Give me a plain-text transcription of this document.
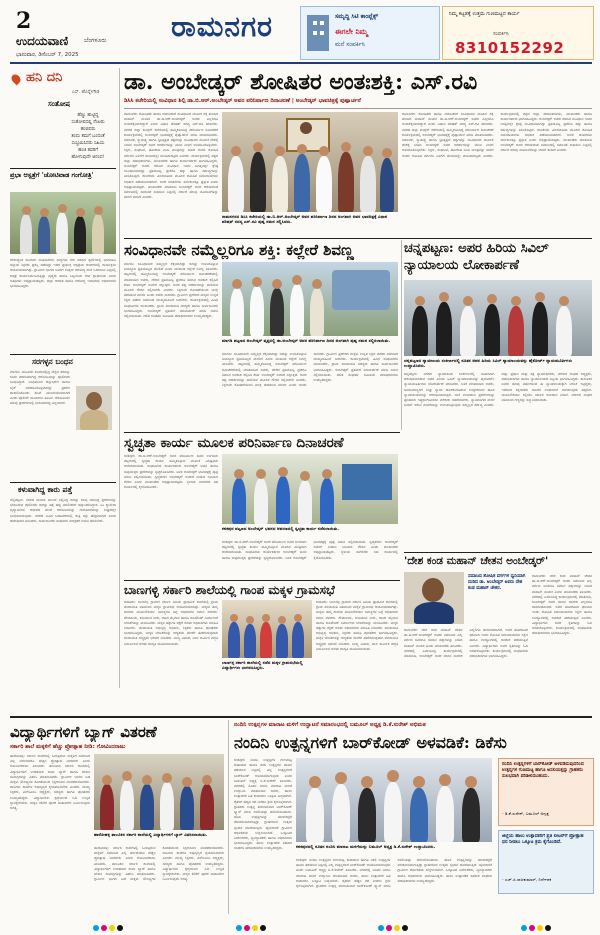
2
ಉದಯವಾಣಿ	ಬೆಂಗಳೂರು
ಭಾನುವಾರ, ಡಿಸೆಂಬರ್ 7, 2025
ರಾಮನಗರ	ಸಮೃದ್ಧಿ ಸಿಟಿ ಕಾಂಪ್ಲೆಕ್ಸ್
ಈಗಲೇ ನಿಮ್ಮ
ಮನೆ ಸಂಪರ್ಕಿಸಿ
ನಿಮ್ಮ ಕಟ್ಟಡಕ್ಕೆ ಉತ್ತಮ ಗುಣಮಟ್ಟದ ಕಾರ್ಯ
ಸಂಪರ್ಕಿಸಿ
8310152292
ಹನಿ ದನಿ
ಎಸ್. ಹೊನ್ನೇಗೌಡ
ಸಂತೋಷ
ಹೆಣ್ಣು ಹುಟ್ಟಿದ್ದ
ಸಂತೋಷದಲ್ಲಿ ನೆಂಟರು
ಹಂಚಿದರು
ತಂದು ತಮಗೆ ಬಂದಂತೆ
ಸಂಭ್ರಮಿಸಿದರು ಸಿಹಿಯ
ಹಂಚಿ ತವರಿಗೆ
ಹೋಗುವುದೇ ಆನಂದ!
ಪ್ರಭಾ ಆಸ್ಪತ್ರೆಗೆ 'ಚೋಟಿವಾಡ ಗಂಗೋತ್ರಿ'
ದೇಶಾದ್ಯಂತ ಸುಮಾರು ಸಂಘಟನೆಗಳು ಸಂಸ್ಥೆಗಳು ಸೇರಿ ನಡೆಸಿದ ಸ್ಪರ್ಧೆಯಲ್ಲಿ ಭಾಗವಹಿಸಿ ಜಿಲ್ಲೆಯ ಶಿಕ್ಷಕರು ಪ್ರಶಸ್ತಿ ಪಡೆದಿದ್ದು ಇದರ ಪ್ರಯುಕ್ತ ಆಸ್ಪತ್ರೆಯ ಆವರಣದಲ್ಲಿ ಕಾರ್ಯಕ್ರಮ ಆಯೋಜಿಸಲಾಗಿತ್ತು. ಗ್ರಾಮೀಣ ಭಾಗದ ಜನರಿಗೆ ಉತ್ತಮ ಆರೋಗ್ಯ ಸೇವೆ ಒದಗಿಸುವ ನಿಟ್ಟಿನಲ್ಲಿ ಆಸ್ಪತ್ರೆ ಕಾರ್ಯನಿರ್ವಹಿಸುತ್ತಿದ್ದು ವೈದ್ಯರು ಹಾಗೂ ಸಿಬ್ಬಂದಿಯ ಸೇವೆ ಶ್ಲಾಘನೀಯ ಎಂದು ಅತಿಥಿಗಳು ಅಭಿಪ್ರಾಯಪಟ್ಟರು. ಜಿಲ್ಲಾ ಆಡಳಿತ ಹಾಗೂ ಆರೋಗ್ಯ ಇಲಾಖೆಯ ಅಧಿಕಾರಿಗಳು ಭಾಗವಹಿಸಿದ್ದರು.
ಸರಗಳ್ಳನ ಬಂಧನ
ಮಾಗಡಿ: ಮಹಿಳೆಯ ಕೊರಳಿನಲ್ಲಿದ್ದ ಚಿನ್ನದ ಸರವನ್ನು ಕಸಿದು ಪರಾರಿಯಾಗಿದ್ದ ಆರೋಪಿಯನ್ನು ಪೊಲೀಸರು ಬಂಧಿಸಿದ್ದಾರೆ. ಬಂಧಿತನಿಂದ ಚಿನ್ನಾಭರಣ ಹಾಗೂ ಬೈಕ್ ವಶಪಡಿಸಿಕೊಳ್ಳಲಾಗಿದ್ದು ಪ್ರಕರಣ ದಾಖಲಿಸಿಕೊಂಡು ತನಿಖೆ ಮುಂದುವರಿಸಲಾಗಿದೆ ಎಂದು ಪೊಲೀಸ್ ಮೂಲಗಳು ತಿಳಿಸಿವೆ. ಆರೋಪಿಯು ಹಲವು ಪ್ರಕರಣಗಳಲ್ಲಿ ಭಾಗಿಯಾಗಿದ್ದ ಎನ್ನಲಾಗಿದೆ.
ಕಳುವಾಗಿದ್ದ ಕಾರು ಪತ್ತೆ
ಚನ್ನಪಟ್ಟಣ: ನಗರದ ಮನೆಯ ಮುಂದೆ ನಿಲ್ಲಿಸಿದ್ದ ಕಾರನ್ನು ಕಳವು ಮಾಡಿದ್ದ ಪ್ರಕರಣವನ್ನು ಭೇದಿಸಿರುವ ಪೊಲೀಸರು ಕಾರನ್ನು ಪತ್ತೆ ಹಚ್ಚಿ ಮಾಲೀಕರಿಗೆ ಹಸ್ತಾಂತರಿಸಿದ್ದಾರೆ. ಸಿಸಿ ಕ್ಯಾಮೆರಾ ದೃಶ್ಯಾವಳಿಗಳ ಆಧಾರದ ಮೇಲೆ ಆರೋಪಿಗಳನ್ನು ಗುರುತಿಸಲಾಗಿದ್ದು ಶೀಘ್ರದಲ್ಲೇ ಬಂಧಿಸಲಾಗುವುದು. ನಗರದ ವಿವಿಧ ಬಡಾವಣೆಗಳಲ್ಲಿ ರಾತ್ರಿ ಗಸ್ತು ಹೆಚ್ಚಿಸಲಾಗಿದೆ ಎಂದು ಠಾಣಾಧಿಕಾರಿ ತಿಳಿಸಿದರು. ಸಾರ್ವಜನಿಕರು ವಾಹನಗಳ ಸುರಕ್ಷತೆಗೆ ಗಮನ ಹರಿಸಬೇಕು.
ಡಾ. ಅಂಬೇಡ್ಕರ್ ಶೋಷಿತರ ಅಂತಃಶಕ್ತಿ: ಎಸ್.ರವಿ
ಡಿಸಿಸಿ ಕಚೇರಿಯಲ್ಲಿ ಸಂವಿಧಾನ ಶಿಲ್ಪಿ ಡಾ.ಬಿ.ಆರ್.ಅಂಬೇಡ್ಕರ್ ಅವರ ಪರಿನಿರ್ವಾಣ ದಿನಾಚರಣೆ | ಅಂಬೇಡ್ಕರ್ ಭಾವಚಿತ್ರಕ್ಕೆ ಪುಷ್ಪಾರ್ಚನೆ
ರಾಮನಗರ: ಶೋಷಿತರು ಹಾಗೂ ದಮನಿತರಿಗೆ ಸಂವಿಧಾನದ ಮೂಲಕ ಶಕ್ತಿ ತುಂಬಿದ ಮಹಾನ್ ನಾಯಕ ಡಾ.ಬಿ.ಆರ್.ಅಂಬೇಡ್ಕರ್ ಅವರು ಎಲ್ಲರಿಗೂ ಅಂತಃಶಕ್ತಿಯಾಗಿದ್ದಾರೆ ಎಂದು ವಿಧಾನ ಪರಿಷತ್ ಸದಸ್ಯ ಎಸ್.ರವಿ ಹೇಳಿದರು. ನಗರದ ಜಿಲ್ಲಾ ಕಾಂಗ್ರೆಸ್ ಕಚೇರಿಯಲ್ಲಿ ಹಮ್ಮಿಕೊಂಡಿದ್ದ ಪರಿನಿರ್ವಾಣ ದಿನಾಚರಣೆ ಕಾರ್ಯಕ್ರಮದಲ್ಲಿ ಅಂಬೇಡ್ಕರ್ ಭಾವಚಿತ್ರಕ್ಕೆ ಪುಷ್ಪಾರ್ಚನೆ ಮಾಡಿ ಮಾತನಾಡಿದರು. ಸಮಾನತೆ, ಸ್ವಾತಂತ್ರ್ಯ ಹಾಗೂ ಭ್ರಾತೃತ್ವದ ತತ್ವಗಳನ್ನು ಸಂವಿಧಾನದ ಮೂಲಕ ದೇಶಕ್ಕೆ ನೀಡಿದ ಅಂಬೇಡ್ಕರ್ ಅವರ ಆದರ್ಶಗಳನ್ನು ಯುವ ಪೀಳಿಗೆ ಅಳವಡಿಸಿಕೊಳ್ಳಬೇಕು. ಶಿಕ್ಷಣ, ಸಂಘಟನೆ, ಹೋರಾಟ ಎಂಬ ಮಂತ್ರವನ್ನು ಸಾರಿದ ಅವರು ಶೋಷಿತ ವರ್ಗಗಳ ಏಳಿಗೆಗೆ ಜೀವನವನ್ನೇ ಮುಡಿಪಾಗಿಟ್ಟರು ಎಂದರು. ಕಾರ್ಯಕ್ರಮದಲ್ಲಿ ಪಕ್ಷದ ಜಿಲ್ಲಾ ಪದಾಧಿಕಾರಿಗಳು, ಮುಖಂಡರು ಹಾಗೂ ಕಾರ್ಯಕರ್ತರು ಭಾಗವಹಿಸಿದ್ದರು. ಅಂಬೇಡ್ಕರ್ ಅವರು ರಚಿಸಿದ ಸಂವಿಧಾನ ಇಂದು ಜಗತ್ತಿನಲ್ಲೇ ಶ್ರೇಷ್ಠ ಸಂವಿಧಾನವಾಗಿದ್ದು ಪ್ರತಿಯೊಬ್ಬ ಪ್ರಜೆಗೂ ಹಕ್ಕು ಹಾಗೂ ಕರ್ತವ್ಯಗಳನ್ನು ತಿಳಿಸಿಕೊಟ್ಟಿದೆ. ರಾಜಕೀಯ ಮೀಸಲಾತಿಯ ಮೂಲಕ ಶೋಷಿತ ಸಮುದಾಯಗಳು ಅಧಿಕಾರ ಪಡೆಯುವಂತಾಗಿದೆ. ಅವರ ಚಿಂತನೆಗಳು ಸರ್ವಕಾಲಕ್ಕೂ ಪ್ರಸ್ತುತ ಎಂದು ಅಭಿಪ್ರಾಯಪಟ್ಟರು. ಮುಖಂಡರು ಮಾತನಾಡಿ ಅಂಬೇಡ್ಕರ್ ಅವರ ಆಶಯದಂತೆ ಸಮಾಜದಲ್ಲಿ ಸಮಾನತೆ ಸಾಧಿಸುವ ನಿಟ್ಟಿನಲ್ಲಿ ಸರ್ಕಾರ ಹಲವು ಯೋಜನೆಗಳನ್ನು ಜಾರಿಗೆ ತಂದಿದೆ ಎಂದರು.
ರಾಮನಗರದ ಡಿಸಿಸಿ ಕಚೇರಿಯಲ್ಲಿ ಡಾ.ಬಿ.ಆರ್.ಅಂಬೇಡ್ಕರ್ ಅವರ ಪರಿನಿರ್ವಾಣ ದಿನದ ಅಂಗವಾಗಿ ಅವರ ಭಾವಚಿತ್ರಕ್ಕೆ ವಿಧಾನ ಪರಿಷತ್ ಸದಸ್ಯ ಎಸ್.ರವಿ ಪುಷ್ಪ ನಮನ ಸಲ್ಲಿಸಿದರು.
ರಾಮನಗರ: ಶೋಷಿತರು ಹಾಗೂ ದಮನಿತರಿಗೆ ಸಂವಿಧಾನದ ಮೂಲಕ ಶಕ್ತಿ ತುಂಬಿದ ಮಹಾನ್ ನಾಯಕ ಡಾ.ಬಿ.ಆರ್.ಅಂಬೇಡ್ಕರ್ ಅವರು ಎಲ್ಲರಿಗೂ ಅಂತಃಶಕ್ತಿಯಾಗಿದ್ದಾರೆ ಎಂದು ವಿಧಾನ ಪರಿಷತ್ ಸದಸ್ಯ ಎಸ್.ರವಿ ಹೇಳಿದರು. ನಗರದ ಜಿಲ್ಲಾ ಕಾಂಗ್ರೆಸ್ ಕಚೇರಿಯಲ್ಲಿ ಹಮ್ಮಿಕೊಂಡಿದ್ದ ಪರಿನಿರ್ವಾಣ ದಿನಾಚರಣೆ ಕಾರ್ಯಕ್ರಮದಲ್ಲಿ ಅಂಬೇಡ್ಕರ್ ಭಾವಚಿತ್ರಕ್ಕೆ ಪುಷ್ಪಾರ್ಚನೆ ಮಾಡಿ ಮಾತನಾಡಿದರು. ಸಮಾನತೆ, ಸ್ವಾತಂತ್ರ್ಯ ಹಾಗೂ ಭ್ರಾತೃತ್ವದ ತತ್ವಗಳನ್ನು ಸಂವಿಧಾನದ ಮೂಲಕ ದೇಶಕ್ಕೆ ನೀಡಿದ ಅಂಬೇಡ್ಕರ್ ಅವರ ಆದರ್ಶಗಳನ್ನು ಯುವ ಪೀಳಿಗೆ ಅಳವಡಿಸಿಕೊಳ್ಳಬೇಕು. ಶಿಕ್ಷಣ, ಸಂಘಟನೆ, ಹೋರಾಟ ಎಂಬ ಮಂತ್ರವನ್ನು ಸಾರಿದ ಅವರು ಶೋಷಿತ ವರ್ಗಗಳ ಏಳಿಗೆಗೆ ಜೀವನವನ್ನೇ ಮುಡಿಪಾಗಿಟ್ಟರು ಎಂದರು. ಕಾರ್ಯಕ್ರಮದಲ್ಲಿ ಪಕ್ಷದ ಜಿಲ್ಲಾ ಪದಾಧಿಕಾರಿಗಳು, ಮುಖಂಡರು ಹಾಗೂ ಕಾರ್ಯಕರ್ತರು ಭಾಗವಹಿಸಿದ್ದರು. ಅಂಬೇಡ್ಕರ್ ಅವರು ರಚಿಸಿದ ಸಂವಿಧಾನ ಇಂದು ಜಗತ್ತಿನಲ್ಲೇ ಶ್ರೇಷ್ಠ ಸಂವಿಧಾನವಾಗಿದ್ದು ಪ್ರತಿಯೊಬ್ಬ ಪ್ರಜೆಗೂ ಹಕ್ಕು ಹಾಗೂ ಕರ್ತವ್ಯಗಳನ್ನು ತಿಳಿಸಿಕೊಟ್ಟಿದೆ. ರಾಜಕೀಯ ಮೀಸಲಾತಿಯ ಮೂಲಕ ಶೋಷಿತ ಸಮುದಾಯಗಳು ಅಧಿಕಾರ ಪಡೆಯುವಂತಾಗಿದೆ. ಅವರ ಚಿಂತನೆಗಳು ಸರ್ವಕಾಲಕ್ಕೂ ಪ್ರಸ್ತುತ ಎಂದು ಅಭಿಪ್ರಾಯಪಟ್ಟರು. ಮುಖಂಡರು ಮಾತನಾಡಿ ಅಂಬೇಡ್ಕರ್ ಅವರ ಆಶಯದಂತೆ ಸಮಾಜದಲ್ಲಿ ಸಮಾನತೆ ಸಾಧಿಸುವ ನಿಟ್ಟಿನಲ್ಲಿ ಸರ್ಕಾರ ಹಲವು ಯೋಜನೆಗಳನ್ನು ಜಾರಿಗೆ ತಂದಿದೆ ಎಂದರು.
ಸಂವಿಧಾನವೇ ನಮ್ಮೆಲ್ಲರಿಗೂ ಶಕ್ತಿ: ಕಲ್ಲೇರೆ ಶಿವಣ್ಣ
ಮಾಗಡಿ: ಸಂವಿಧಾನವೇ ನಮ್ಮೆಲ್ಲರ ಶಕ್ತಿಯಾಗಿದ್ದು ಅದನ್ನು ಉಳಿಸಿಕೊಳ್ಳುವ ಜವಾಬ್ದಾರಿ ಪ್ರತಿಯೊಬ್ಬರ ಮೇಲಿದೆ ಎಂದು ಮುಖಂಡ ಕಲ್ಲೇರೆ ಶಿವಣ್ಣ ತಿಳಿಸಿದರು. ಪಟ್ಟಣದಲ್ಲಿ ಹಮ್ಮಿಕೊಂಡಿದ್ದ ಅಂಬೇಡ್ಕರ್ ಪರಿನಿರ್ವಾಣ ದಿನಾಚರಣೆಯಲ್ಲಿ ಮಾತನಾಡಿದ ಅವರು, ದೇಶದ ಪ್ರತಿಯೊಬ್ಬ ಪ್ರಜೆಗೂ ಸಮಾನ ಅವಕಾಶ ಕಲ್ಪಿಸಿದ ಕೀರ್ತಿ ಅಂಬೇಡ್ಕರ್ ಅವರಿಗೆ ಸಲ್ಲುತ್ತದೆ. ಅವರ ತತ್ವ ಆದರ್ಶಗಳನ್ನು ಪಾಲಿಸುವ ಮೂಲಕ ಗೌರವ ಸಲ್ಲಿಸಬೇಕು ಎಂದರು. ಶಿಕ್ಷಣವೇ ಶೋಷಣೆಯಿಂದ ಮುಕ್ತಿ ಪಡೆಯುವ ಮಾರ್ಗ ಎಂದು ಅವರು ಸಾರಿದರು. ಗ್ರಾಮೀಣ ಪ್ರದೇಶದ ಮಕ್ಕಳು ಉನ್ನತ ಶಿಕ್ಷಣ ಪಡೆದು ಸಮಾಜದ ಮುಖ್ಯವಾಹಿನಿಗೆ ಬರಬೇಕು. ಕಾರ್ಯಕ್ರಮದಲ್ಲಿ ವಿವಿಧ ಸಂಘಟನೆಗಳ ಮುಖಂಡರು, ಗ್ರಾಮ ಪಂಚಾಯಿತಿ ಸದಸ್ಯರು ಹಾಗೂ ಸಾರ್ವಜನಿಕರು ಭಾಗವಹಿಸಿದ್ದರು. ಅಂಬೇಡ್ಕರ್ ಪ್ರತಿಮೆಗೆ ಮಾಲಾರ್ಪಣೆ ಮಾಡಿ ನಮನ ಸಲ್ಲಿಸಲಾಯಿತು. ದಲಿತ ಸಂಘರ್ಷ ಸಮಿತಿಯ ಪದಾಧಿಕಾರಿಗಳು ಉಪಸ್ಥಿತರಿದ್ದರು.
ಮಾಗಡಿ ಪಟ್ಟಣದ ಅಂಬೇಡ್ಕರ್ ವೃತ್ತದಲ್ಲಿ ಡಾ.ಅಂಬೇಡ್ಕರ್ ಅವರ ಪರಿನಿರ್ವಾಣ ದಿನದ ಅಂಗವಾಗಿ ಪುಷ್ಪ ನಮನ ಸಲ್ಲಿಸಲಾಯಿತು.
ಮಾಗಡಿ: ಸಂವಿಧಾನವೇ ನಮ್ಮೆಲ್ಲರ ಶಕ್ತಿಯಾಗಿದ್ದು ಅದನ್ನು ಉಳಿಸಿಕೊಳ್ಳುವ ಜವಾಬ್ದಾರಿ ಪ್ರತಿಯೊಬ್ಬರ ಮೇಲಿದೆ ಎಂದು ಮುಖಂಡ ಕಲ್ಲೇರೆ ಶಿವಣ್ಣ ತಿಳಿಸಿದರು. ಪಟ್ಟಣದಲ್ಲಿ ಹಮ್ಮಿಕೊಂಡಿದ್ದ ಅಂಬೇಡ್ಕರ್ ಪರಿನಿರ್ವಾಣ ದಿನಾಚರಣೆಯಲ್ಲಿ ಮಾತನಾಡಿದ ಅವರು, ದೇಶದ ಪ್ರತಿಯೊಬ್ಬ ಪ್ರಜೆಗೂ ಸಮಾನ ಅವಕಾಶ ಕಲ್ಪಿಸಿದ ಕೀರ್ತಿ ಅಂಬೇಡ್ಕರ್ ಅವರಿಗೆ ಸಲ್ಲುತ್ತದೆ. ಅವರ ತತ್ವ ಆದರ್ಶಗಳನ್ನು ಪಾಲಿಸುವ ಮೂಲಕ ಗೌರವ ಸಲ್ಲಿಸಬೇಕು ಎಂದರು. ಶಿಕ್ಷಣವೇ ಶೋಷಣೆಯಿಂದ ಮುಕ್ತಿ ಪಡೆಯುವ ಮಾರ್ಗ ಎಂದು ಅವರು ಸಾರಿದರು. ಗ್ರಾಮೀಣ ಪ್ರದೇಶದ ಮಕ್ಕಳು ಉನ್ನತ ಶಿಕ್ಷಣ ಪಡೆದು ಸಮಾಜದ ಮುಖ್ಯವಾಹಿನಿಗೆ ಬರಬೇಕು. ಕಾರ್ಯಕ್ರಮದಲ್ಲಿ ವಿವಿಧ ಸಂಘಟನೆಗಳ ಮುಖಂಡರು, ಗ್ರಾಮ ಪಂಚಾಯಿತಿ ಸದಸ್ಯರು ಹಾಗೂ ಸಾರ್ವಜನಿಕರು ಭಾಗವಹಿಸಿದ್ದರು. ಅಂಬೇಡ್ಕರ್ ಪ್ರತಿಮೆಗೆ ಮಾಲಾರ್ಪಣೆ ಮಾಡಿ ನಮನ ಸಲ್ಲಿಸಲಾಯಿತು. ದಲಿತ ಸಂಘರ್ಷ ಸಮಿತಿಯ ಪದಾಧಿಕಾರಿಗಳು ಉಪಸ್ಥಿತರಿದ್ದರು.
ಚನ್ನಪಟ್ಟಣ: ಅಪರ ಹಿರಿಯ ಸಿವಿಲ್ ನ್ಯಾಯಾಲಯ ಲೋಕಾರ್ಪಣೆ
ಚನ್ನಪಟ್ಟಣದ ನ್ಯಾಯಾಲಯ ಸಂಕೀರ್ಣದಲ್ಲಿ ನೂತನ ಅಪರ ಹಿರಿಯ ಸಿವಿಲ್ ನ್ಯಾಯಾಲಯವನ್ನು ಹೈಕೋರ್ಟ್ ನ್ಯಾಯಮೂರ್ತಿಗಳು ಉದ್ಘಾಟಿಸಿದರು.
ಚನ್ನಪಟ್ಟಣ: ನಗರದ ನ್ಯಾಯಾಲಯ ಸಂಕೀರ್ಣದಲ್ಲಿ ನೂತನವಾಗಿ ಆರಂಭಿಸಲಾಗಿರುವ ಅಪರ ಹಿರಿಯ ಸಿವಿಲ್ ನ್ಯಾಯಾಲಯವನ್ನು ಹೈಕೋರ್ಟ್ ನ್ಯಾಯಮೂರ್ತಿಗಳು ಲೋಕಾರ್ಪಣೆ ಮಾಡಿದರು. ಬಳಿಕ ಮಾತನಾಡಿದ ಅವರು, ಜನಸಾಮಾನ್ಯರಿಗೆ ಶೀಘ್ರ ನ್ಯಾಯ ದೊರಕಿಸಿಕೊಡುವ ಉದ್ದೇಶದಿಂದ ಹೊಸ ನ್ಯಾಯಾಲಯಗಳನ್ನು ಆರಂಭಿಸಲಾಗುತ್ತಿದೆ. ಬಾಕಿ ಉಳಿದಿರುವ ಪ್ರಕರಣಗಳನ್ನು ತ್ವರಿತವಾಗಿ ಇತ್ಯರ್ಥಗೊಳಿಸಲು ವಕೀಲರು ಸಹಕರಿಸಬೇಕು. ನ್ಯಾಯಾಂಗದ ಮೇಲೆ ಜನರಿಗೆ ಇರುವ ನಂಬಿಕೆಯನ್ನು ಉಳಿಸಿಕೊಳ್ಳುವುದು ನಮ್ಮೆಲ್ಲರ ಕರ್ತವ್ಯ ಎಂದರು. ಜಿಲ್ಲಾ ಪ್ರಧಾನ ಮತ್ತು ಸತ್ರ ನ್ಯಾಯಾಧೀಶರು, ವಕೀಲರ ಸಂಘದ ಅಧ್ಯಕ್ಷರು, ಪದಾಧಿಕಾರಿಗಳು ಹಾಗೂ ನ್ಯಾಯಾಲಯದ ಸಿಬ್ಬಂದಿ ಭಾಗವಹಿಸಿದ್ದರು. ತಾಲೂಕಿನ ಜನರು ಹಲವು ವರ್ಷಗಳಿಂದ ಈ ನ್ಯಾಯಾಲಯಕ್ಕಾಗಿ ಬೇಡಿಕೆ ಇಟ್ಟಿದ್ದರು. ಇದರಿಂದ ಕಕ್ಷಿದಾರರು ದೂರದ ಊರುಗಳಿಗೆ ಅಲೆಯುವುದು ತಪ್ಪಲಿದೆ. ಮೂಲಸೌಕರ್ಯ ಕಲ್ಪಿಸಲು ಸರ್ಕಾರ ಅನುದಾನ ನೀಡಿದೆ. ವಕೀಲರ ಸಂಘದ ವತಿಯಿಂದ ಗಣ್ಯರನ್ನು ಸನ್ಮಾನಿಸಲಾಯಿತು.
ಸ್ವಚ್ಛತಾ ಕಾರ್ಯ ಮೂಲಕ ಪರಿನಿರ್ವಾಣ ದಿನಾಚರಣೆ
ಕನಕಪುರ: ಡಾ.ಬಿ.ಆರ್.ಅಂಬೇಡ್ಕರ್ ಅವರ ಪರಿನಿರ್ವಾಣ ದಿನದ ಅಂಗವಾಗಿ ಪಟ್ಟಣದಲ್ಲಿ ಸ್ವಚ್ಛತಾ ಕಾರ್ಯ ಹಮ್ಮಿಕೊಳ್ಳುವ ಮೂಲಕ ವಿಶಿಷ್ಟವಾಗಿ ಆಚರಿಸಲಾಯಿತು. ಸಂಘಟನೆಯ ಕಾರ್ಯಕರ್ತರು ಅಂಬೇಡ್ಕರ್ ಭವನ ಹಾಗೂ ಸುತ್ತಮುತ್ತಲ ಪ್ರದೇಶವನ್ನು ಸ್ವಚ್ಛಗೊಳಿಸಿದರು. ಬಳಿಕ ಅಂಬೇಡ್ಕರ್ ಭಾವಚಿತ್ರಕ್ಕೆ ಪುಷ್ಪ ನಮನ ಸಲ್ಲಿಸಲಾಯಿತು. ಸ್ವಚ್ಛತೆಯೇ ಅಂಬೇಡ್ಕರ್ ಅವರಿಗೆ ನೀಡುವ ನಿಜವಾದ ಗೌರವ ಎಂದು ಮುಖಂಡರು ಅಭಿಪ್ರಾಯಪಟ್ಟರು. ಸ್ಥಳೀಯ ನಾಗರಿಕರು ಸಹ ಕಾರ್ಯದಲ್ಲಿ ಕೈಜೋಡಿಸಿದರು.
ಕನಕಪುರ ಪಟ್ಟಣದ ಅಂಬೇಡ್ಕರ್ ಭವನದ ಆವರಣದಲ್ಲಿ ಸ್ವಚ್ಛತಾ ಕಾರ್ಯ ನಡೆಸಲಾಯಿತು.
ಕನಕಪುರ: ಡಾ.ಬಿ.ಆರ್.ಅಂಬೇಡ್ಕರ್ ಅವರ ಪರಿನಿರ್ವಾಣ ದಿನದ ಅಂಗವಾಗಿ ಪಟ್ಟಣದಲ್ಲಿ ಸ್ವಚ್ಛತಾ ಕಾರ್ಯ ಹಮ್ಮಿಕೊಳ್ಳುವ ಮೂಲಕ ವಿಶಿಷ್ಟವಾಗಿ ಆಚರಿಸಲಾಯಿತು. ಸಂಘಟನೆಯ ಕಾರ್ಯಕರ್ತರು ಅಂಬೇಡ್ಕರ್ ಭವನ ಹಾಗೂ ಸುತ್ತಮುತ್ತಲ ಪ್ರದೇಶವನ್ನು ಸ್ವಚ್ಛಗೊಳಿಸಿದರು. ಬಳಿಕ ಅಂಬೇಡ್ಕರ್ ಭಾವಚಿತ್ರಕ್ಕೆ ಪುಷ್ಪ ನಮನ ಸಲ್ಲಿಸಲಾಯಿತು. ಸ್ವಚ್ಛತೆಯೇ ಅಂಬೇಡ್ಕರ್ ಅವರಿಗೆ ನೀಡುವ ನಿಜವಾದ ಗೌರವ ಎಂದು ಮುಖಂಡರು ಅಭಿಪ್ರಾಯಪಟ್ಟರು. ಸ್ಥಳೀಯ ನಾಗರಿಕರು ಸಹ ಕಾರ್ಯದಲ್ಲಿ ಕೈಜೋಡಿಸಿದರು.	'ದೇಶ ಕಂಡ ಮಹಾನ್ ಚೇತನ ಅಂಬೇಡ್ಕರ್'
ಸಮಾಜದ ಶೋಷಿತ ವರ್ಗಗಳ ಧ್ವನಿಯಾಗಿ ದುಡಿದ ಡಾ. ಅಂಬೇಡ್ಕರ್ ಅವರು ದೇಶ ಕಂಡ ಮಹಾನ್ ಚೇತನ.
ರಾಮನಗರ: ದೇಶ ಕಂಡ ಮಹಾನ್ ಚೇತನ ಡಾ.ಬಿ.ಆರ್.ಅಂಬೇಡ್ಕರ್ ಅವರು ಸಮಾಜದ ಎಲ್ಲ ವರ್ಗದ ಜನರಿಗೂ ಸಮಾನ ಹಕ್ಕುಗಳನ್ನು ನೀಡಿದ ಮಹಾನ್ ನಾಯಕ ಎಂದು ಮುಖಂಡರು ತಿಳಿಸಿದರು. ನಗರದಲ್ಲಿ ಏರ್ಪಡಿಸಿದ್ದ ಕಾರ್ಯಕ್ರಮದಲ್ಲಿ ಮಾತನಾಡಿ, ಅಂಬೇಡ್ಕರ್ ಅವರ ಜೀವನ ಸಂದೇಶ ಎಲ್ಲರಿಗೂ ದಾರಿದೀಪವಾಗಿದೆ. ಅವರ ಹೋರಾಟದ ಫಲವಾಗಿ ಇಂದು ಶೋಷಿತ ಸಮುದಾಯಗಳು ಶಿಕ್ಷಣ ಹಾಗೂ ಉದ್ಯೋಗದಲ್ಲಿ ಅವಕಾಶ ಪಡೆಯುತ್ತಿವೆ ಎಂದರು. ವಿದ್ಯಾರ್ಥಿಗಳು ಅವರ ಕೃತಿಗಳನ್ನು ಓದಿ ಅರಿತುಕೊಳ್ಳಬೇಕು. ಕಾರ್ಯಕ್ರಮದಲ್ಲಿ ಸಂಘಟನೆಯ ಪದಾಧಿಕಾರಿಗಳು ಭಾಗವಹಿಸಿದ್ದರು.
ರಾಮನಗರ: ದೇಶ ಕಂಡ ಮಹಾನ್ ಚೇತನ ಡಾ.ಬಿ.ಆರ್.ಅಂಬೇಡ್ಕರ್ ಅವರು ಸಮಾಜದ ಎಲ್ಲ ವರ್ಗದ ಜನರಿಗೂ ಸಮಾನ ಹಕ್ಕುಗಳನ್ನು ನೀಡಿದ ಮಹಾನ್ ನಾಯಕ ಎಂದು ಮುಖಂಡರು ತಿಳಿಸಿದರು. ನಗರದಲ್ಲಿ ಏರ್ಪಡಿಸಿದ್ದ ಕಾರ್ಯಕ್ರಮದಲ್ಲಿ ಮಾತನಾಡಿ, ಅಂಬೇಡ್ಕರ್ ಅವರ ಜೀವನ ಸಂದೇಶ ಎಲ್ಲರಿಗೂ ದಾರಿದೀಪವಾಗಿದೆ. ಅವರ ಹೋರಾಟದ ಫಲವಾಗಿ ಇಂದು ಶೋಷಿತ ಸಮುದಾಯಗಳು ಶಿಕ್ಷಣ ಹಾಗೂ ಉದ್ಯೋಗದಲ್ಲಿ ಅವಕಾಶ ಪಡೆಯುತ್ತಿವೆ ಎಂದರು. ವಿದ್ಯಾರ್ಥಿಗಳು ಅವರ ಕೃತಿಗಳನ್ನು ಓದಿ ಅರಿತುಕೊಳ್ಳಬೇಕು. ಕಾರ್ಯಕ್ರಮದಲ್ಲಿ ಸಂಘಟನೆಯ ಪದಾಧಿಕಾರಿಗಳು ಭಾಗವಹಿಸಿದ್ದರು.
ಬಾಣಗಳ್ಳಿ ಸರ್ಕಾರಿ ಶಾಲೆಯಲ್ಲಿ ಗಾಂಪ ಮಕ್ಕಳ ಗ್ರಾಮಸಭೆ
ಕುದೂರು: ಬಾಣಗಳ್ಳಿ ಗ್ರಾಮದ ಸರ್ಕಾರಿ ಹಿರಿಯ ಪ್ರಾಥಮಿಕ ಶಾಲೆಯಲ್ಲಿ ಗ್ರಾಮ ಪಂಚಾಯಿತಿ ವತಿಯಿಂದ ಮಕ್ಕಳ ಗ್ರಾಮಸಭೆ ಆಯೋಜಿಸಲಾಗಿತ್ತು. ಮಕ್ಕಳು ತಮ್ಮ ಶಾಲೆಯ ಮೂಲಸೌಕರ್ಯ ಸಮಸ್ಯೆಗಳ ಬಗ್ಗೆ ಅಧಿಕಾರಿಗಳ ಗಮನ ಸೆಳೆದರು. ಶೌಚಾಲಯ, ಕುಡಿಯುವ ನೀರು, ಆಟದ ಮೈದಾನ ಹಾಗೂ ಕಾಂಪೌಂಡ್ ನಿರ್ಮಾಣದ ಬೇಡಿಕೆಗಳನ್ನು ಮಂಡಿಸಿದರು. ಮಕ್ಕಳ ಹಕ್ಕುಗಳ ರಕ್ಷಣೆ ಕುರಿತು ಅಧಿಕಾರಿಗಳು ಮಾಹಿತಿ ನೀಡಿದರು. ಪಂಚಾಯಿತಿ ಅಭಿವೃದ್ಧಿ ಅಧಿಕಾರಿ, ಶಿಕ್ಷಕರು ಹಾಗೂ ಪೋಷಕರು ಭಾಗವಹಿಸಿದ್ದರು. ಮಕ್ಕಳ ಬೇಡಿಕೆಗಳನ್ನು ಆದ್ಯತೆಯ ಮೇರೆಗೆ ಈಡೇರಿಸುವುದಾಗಿ ಪಂಚಾಯಿತಿ ಅಧ್ಯಕ್ಷರು ಭರವಸೆ ನೀಡಿದರು. ಬಾಲ್ಯ ವಿವಾಹ, ಬಾಲ ಕಾರ್ಮಿಕ ಪದ್ಧತಿ ನಿರ್ಮೂಲನೆ ಕುರಿತು ಜಾಗೃತಿ ಮೂಡಿಸಲಾಯಿತು.
ಬಾಣಗಳ್ಳಿ ಸರ್ಕಾರಿ ಶಾಲೆಯಲ್ಲಿ ನಡೆದ ಮಕ್ಕಳ ಗ್ರಾಮಸಭೆಯಲ್ಲಿ ವಿದ್ಯಾರ್ಥಿಗಳು ಭಾಗವಹಿಸಿದ್ದರು.
ಕುದೂರು: ಬಾಣಗಳ್ಳಿ ಗ್ರಾಮದ ಸರ್ಕಾರಿ ಹಿರಿಯ ಪ್ರಾಥಮಿಕ ಶಾಲೆಯಲ್ಲಿ ಗ್ರಾಮ ಪಂಚಾಯಿತಿ ವತಿಯಿಂದ ಮಕ್ಕಳ ಗ್ರಾಮಸಭೆ ಆಯೋಜಿಸಲಾಗಿತ್ತು. ಮಕ್ಕಳು ತಮ್ಮ ಶಾಲೆಯ ಮೂಲಸೌಕರ್ಯ ಸಮಸ್ಯೆಗಳ ಬಗ್ಗೆ ಅಧಿಕಾರಿಗಳ ಗಮನ ಸೆಳೆದರು. ಶೌಚಾಲಯ, ಕುಡಿಯುವ ನೀರು, ಆಟದ ಮೈದಾನ ಹಾಗೂ ಕಾಂಪೌಂಡ್ ನಿರ್ಮಾಣದ ಬೇಡಿಕೆಗಳನ್ನು ಮಂಡಿಸಿದರು. ಮಕ್ಕಳ ಹಕ್ಕುಗಳ ರಕ್ಷಣೆ ಕುರಿತು ಅಧಿಕಾರಿಗಳು ಮಾಹಿತಿ ನೀಡಿದರು. ಪಂಚಾಯಿತಿ ಅಭಿವೃದ್ಧಿ ಅಧಿಕಾರಿ, ಶಿಕ್ಷಕರು ಹಾಗೂ ಪೋಷಕರು ಭಾಗವಹಿಸಿದ್ದರು. ಮಕ್ಕಳ ಬೇಡಿಕೆಗಳನ್ನು ಆದ್ಯತೆಯ ಮೇರೆಗೆ ಈಡೇರಿಸುವುದಾಗಿ ಪಂಚಾಯಿತಿ ಅಧ್ಯಕ್ಷರು ಭರವಸೆ ನೀಡಿದರು. ಬಾಲ್ಯ ವಿವಾಹ, ಬಾಲ ಕಾರ್ಮಿಕ ಪದ್ಧತಿ ನಿರ್ಮೂಲನೆ ಕುರಿತು ಜಾಗೃತಿ ಮೂಡಿಸಲಾಯಿತು.
ವಿದ್ಯಾರ್ಥಿಗಳಿಗೆ ಬ್ಯಾಗ್ ವಿತರಣೆ
ಸರ್ಕಾರಿ ಶಾಲೆ ಮಕ್ಕಳಿಗೆ ಹೆಚ್ಚು ಪ್ರೋತ್ಸಾಹ ನೀಡಿ: ಗೋವಿಂದರಾಜು
ಹಾರೋಹಳ್ಳಿ: ಸರ್ಕಾರಿ ಶಾಲೆಗಳಲ್ಲಿ ಓದುತ್ತಿರುವ ಮಕ್ಕಳಿಗೆ ಸಮಾಜದ ಎಲ್ಲ ವರ್ಗದವರೂ ಹೆಚ್ಚಿನ ಪ್ರೋತ್ಸಾಹ ನೀಡಬೇಕು ಎಂದು ಗೋವಿಂದರಾಜು ತಿಳಿಸಿದರು. ತಾಲೂಕಿನ ಸರ್ಕಾರಿ ಶಾಲೆಯಲ್ಲಿ ವಿದ್ಯಾರ್ಥಿಗಳಿಗೆ ಉಚಿತವಾಗಿ ಶಾಲಾ ಬ್ಯಾಗ್ ಹಾಗೂ ಲೇಖನ ಸಾಮಗ್ರಿಗಳನ್ನು ವಿತರಿಸಿ ಮಾತನಾಡಿದರು. ಗ್ರಾಮೀಣ ಭಾಗದ ಬಡ ಮಕ್ಕಳು ಸೌಲಭ್ಯಗಳ ಕೊರತೆಯಿಂದ ಶಿಕ್ಷಣದಿಂದ ವಂಚಿತರಾಗಬಾರದು. ದಾನಿಗಳು ಶಾಲೆಗಳ ಅಭಿವೃದ್ಧಿಗೆ ಕೈಜೋಡಿಸಬೇಕು ಎಂದರು. ಮುಖ್ಯ ಶಿಕ್ಷಕರು, ಎಸ್‌ಡಿಎಂಸಿ ಅಧ್ಯಕ್ಷರು, ಸದಸ್ಯರು ಹಾಗೂ ಪೋಷಕರು ಉಪಸ್ಥಿತರಿದ್ದರು. ವಿದ್ಯಾರ್ಥಿಗಳು ಶ್ರದ್ಧೆಯಿಂದ ಓದಿ ಉನ್ನತ ಸ್ಥಾನಕ್ಕೇರಬೇಕು. ಮಕ್ಕಳ ಕಲಿಕೆಗೆ ಪೂರಕ ವಾತಾವರಣ ನಿರ್ಮಿಸುವುದು ಅಗತ್ಯ.
ಹಾರೋಹಳ್ಳಿ ತಾಲೂಕಿನ ಸರ್ಕಾರಿ ಶಾಲೆಯಲ್ಲಿ ವಿದ್ಯಾರ್ಥಿಗಳಿಗೆ ಬ್ಯಾಗ್ ವಿತರಿಸಲಾಯಿತು.
ಹಾರೋಹಳ್ಳಿ: ಸರ್ಕಾರಿ ಶಾಲೆಗಳಲ್ಲಿ ಓದುತ್ತಿರುವ ಮಕ್ಕಳಿಗೆ ಸಮಾಜದ ಎಲ್ಲ ವರ್ಗದವರೂ ಹೆಚ್ಚಿನ ಪ್ರೋತ್ಸಾಹ ನೀಡಬೇಕು ಎಂದು ಗೋವಿಂದರಾಜು ತಿಳಿಸಿದರು. ತಾಲೂಕಿನ ಸರ್ಕಾರಿ ಶಾಲೆಯಲ್ಲಿ ವಿದ್ಯಾರ್ಥಿಗಳಿಗೆ ಉಚಿತವಾಗಿ ಶಾಲಾ ಬ್ಯಾಗ್ ಹಾಗೂ ಲೇಖನ ಸಾಮಗ್ರಿಗಳನ್ನು ವಿತರಿಸಿ ಮಾತನಾಡಿದರು. ಗ್ರಾಮೀಣ ಭಾಗದ ಬಡ ಮಕ್ಕಳು ಸೌಲಭ್ಯಗಳ ಕೊರತೆಯಿಂದ ಶಿಕ್ಷಣದಿಂದ ವಂಚಿತರಾಗಬಾರದು. ದಾನಿಗಳು ಶಾಲೆಗಳ ಅಭಿವೃದ್ಧಿಗೆ ಕೈಜೋಡಿಸಬೇಕು ಎಂದರು. ಮುಖ್ಯ ಶಿಕ್ಷಕರು, ಎಸ್‌ಡಿಎಂಸಿ ಅಧ್ಯಕ್ಷರು, ಸದಸ್ಯರು ಹಾಗೂ ಪೋಷಕರು ಉಪಸ್ಥಿತರಿದ್ದರು. ವಿದ್ಯಾರ್ಥಿಗಳು ಶ್ರದ್ಧೆಯಿಂದ ಓದಿ ಉನ್ನತ ಸ್ಥಾನಕ್ಕೇರಬೇಕು. ಮಕ್ಕಳ ಕಲಿಕೆಗೆ ಪೂರಕ ವಾತಾವರಣ ನಿರ್ಮಿಸುವುದು ಅಗತ್ಯ.
ನಂದಿನಿ ಉತ್ಪನ್ನಗಳ ಮಾರಾಟ ಮಳಿಗೆ ಉದ್ಘಾಟನೆ ಸಮಾರಂಭದಲ್ಲಿ ಬಮೂಲ್ ಅಧ್ಯಕ್ಷ ಡಿ.ಕೆ.ಸುರೇಶ್ ಅಭಿಮತ
ನಂದಿನಿ ಉತ್ಪನ್ನಗಳಿಗೆ ಬಾರ್‌ಕೋಡ್ ಅಳವಡಿಕೆ: ಡಿಕೆಸು
ಕನಕಪುರ: ನಂದಿನಿ ಉತ್ಪನ್ನಗಳ ಗುಣಮಟ್ಟ ಕಾಪಾಡುವ ಹಾಗೂ ನಕಲಿ ಉತ್ಪನ್ನಗಳ ಹಾವಳಿ ತಡೆಯುವ ನಿಟ್ಟಿನಲ್ಲಿ ಎಲ್ಲ ಉತ್ಪನ್ನಗಳಿಗೆ ಬಾರ್‌ಕೋಡ್ ಅಳವಡಿಸಲಾಗುವುದು ಎಂದು ಬಮೂಲ್ ಅಧ್ಯಕ್ಷ ಡಿ.ಕೆ.ಸುರೇಶ್ ತಿಳಿಸಿದರು. ನಗರದಲ್ಲಿ ನೂತನ ನಂದಿನಿ ಮಾರಾಟ ಮಳಿಗೆ ಉದ್ಘಾಟಿಸಿ ಮಾತನಾಡಿದ ಅವರು, ಹಾಲು ಉತ್ಪಾದಕರ ಹಿತ ಕಾಪಾಡಲು ಒಕ್ಕೂಟ ಬದ್ಧವಾಗಿದೆ. ರೈತರಿಗೆ ಹೆಚ್ಚಿನ ದರ ನೀಡಲು ಕ್ರಮ ಕೈಗೊಳ್ಳಲಾಗಿದೆ. ಗ್ರಾಹಕರು ಉತ್ಪನ್ನ ಖರೀದಿಸುವಾಗ ಬಾರ್‌ಕೋಡ್ ಸ್ಕ್ಯಾನ್ ಮಾಡಿ ಅಸಲಿಯತ್ತು ಪರಿಶೀಲಿಸಬಹುದು. ಹೊಸ ಉತ್ಪನ್ನಗಳನ್ನು ಮಾರುಕಟ್ಟೆಗೆ ಪರಿಚಯಿಸಲಾಗುತ್ತಿದ್ದು ಗ್ರಾಹಕರಿಂದ ಉತ್ತಮ ಸ್ಪಂದನೆ ದೊರೆಯುತ್ತಿದೆ. ಹೈನುಗಾರಿಕೆ ಗ್ರಾಮೀಣ ಆರ್ಥಿಕತೆಯ ಬೆನ್ನೆಲುಬಾಗಿದೆ. ಒಕ್ಕೂಟದ ನಿರ್ದೇಶಕರು, ವ್ಯವಸ್ಥಾಪಕರು ಹಾಗೂ ಅಧಿಕಾರಿಗಳು ಭಾಗವಹಿಸಿದ್ದರು. ಹಾಲು ಉತ್ಪಾದಕರ ಸಹಕಾರ ಸಂಘಗಳ ಪದಾಧಿಕಾರಿಗಳು ಉಪಸ್ಥಿತರಿದ್ದರು.	ಕನಕಪುರದಲ್ಲಿ ನೂತನ ನಂದಿನಿ ಮಾರಾಟ ಮಳಿಗೆಯನ್ನು ಬಮೂಲ್ ಅಧ್ಯಕ್ಷ ಡಿ.ಕೆ.ಸುರೇಶ್ ಉದ್ಘಾಟಿಸಿದರು.
ಕನಕಪುರ: ನಂದಿನಿ ಉತ್ಪನ್ನಗಳ ಗುಣಮಟ್ಟ ಕಾಪಾಡುವ ಹಾಗೂ ನಕಲಿ ಉತ್ಪನ್ನಗಳ ಹಾವಳಿ ತಡೆಯುವ ನಿಟ್ಟಿನಲ್ಲಿ ಎಲ್ಲ ಉತ್ಪನ್ನಗಳಿಗೆ ಬಾರ್‌ಕೋಡ್ ಅಳವಡಿಸಲಾಗುವುದು ಎಂದು ಬಮೂಲ್ ಅಧ್ಯಕ್ಷ ಡಿ.ಕೆ.ಸುರೇಶ್ ತಿಳಿಸಿದರು. ನಗರದಲ್ಲಿ ನೂತನ ನಂದಿನಿ ಮಾರಾಟ ಮಳಿಗೆ ಉದ್ಘಾಟಿಸಿ ಮಾತನಾಡಿದ ಅವರು, ಹಾಲು ಉತ್ಪಾದಕರ ಹಿತ ಕಾಪಾಡಲು ಒಕ್ಕೂಟ ಬದ್ಧವಾಗಿದೆ. ರೈತರಿಗೆ ಹೆಚ್ಚಿನ ದರ ನೀಡಲು ಕ್ರಮ ಕೈಗೊಳ್ಳಲಾಗಿದೆ. ಗ್ರಾಹಕರು ಉತ್ಪನ್ನ ಖರೀದಿಸುವಾಗ ಬಾರ್‌ಕೋಡ್ ಸ್ಕ್ಯಾನ್ ಮಾಡಿ ಅಸಲಿಯತ್ತು ಪರಿಶೀಲಿಸಬಹುದು. ಹೊಸ ಉತ್ಪನ್ನಗಳನ್ನು ಮಾರುಕಟ್ಟೆಗೆ ಪರಿಚಯಿಸಲಾಗುತ್ತಿದ್ದು ಗ್ರಾಹಕರಿಂದ ಉತ್ತಮ ಸ್ಪಂದನೆ ದೊರೆಯುತ್ತಿದೆ. ಹೈನುಗಾರಿಕೆ ಗ್ರಾಮೀಣ ಆರ್ಥಿಕತೆಯ ಬೆನ್ನೆಲುಬಾಗಿದೆ. ಒಕ್ಕೂಟದ ನಿರ್ದೇಶಕರು, ವ್ಯವಸ್ಥಾಪಕರು ಹಾಗೂ ಅಧಿಕಾರಿಗಳು ಭಾಗವಹಿಸಿದ್ದರು. ಹಾಲು ಉತ್ಪಾದಕರ ಸಹಕಾರ ಸಂಘಗಳ ಪದಾಧಿಕಾರಿಗಳು ಉಪಸ್ಥಿತರಿದ್ದರು.
ನಂದಿನಿ ಉತ್ಪನ್ನಗಳಿಗೆ ಬಾರ್‌ಕೋಡ್ ಅಳವಡಿಸುವುದರಿಂದ ಉತ್ಪನ್ನಗಳ ಗುಣಮಟ್ಟ ಹಾಗೂ ಅಸಲಿಯತ್ತನ್ನು ಗ್ರಾಹಕರು ಸುಲಭವಾಗಿ ಪರಿಶೀಲಿಸಬಹುದು.
- ಡಿ.ಕೆ.ಸುರೇಶ್, ಬಮೂಲ್ ಅಧ್ಯಕ್ಷ
ಜಿಲ್ಲೆಯ ಹಾಲು ಉತ್ಪಾದಕರಿಗೆ ಪ್ರತಿ ಲೀಟರ್‌ಗೆ ಪ್ರೋತ್ಸಾಹ ಧನ ನೀಡಲು ಒಕ್ಕೂಟ ಕ್ರಮ ಕೈಗೊಂಡಿದೆ.
- ಎಚ್.ಪಿ.ರಾಜಕುಮಾರ್, ನಿರ್ದೇಶಕ
